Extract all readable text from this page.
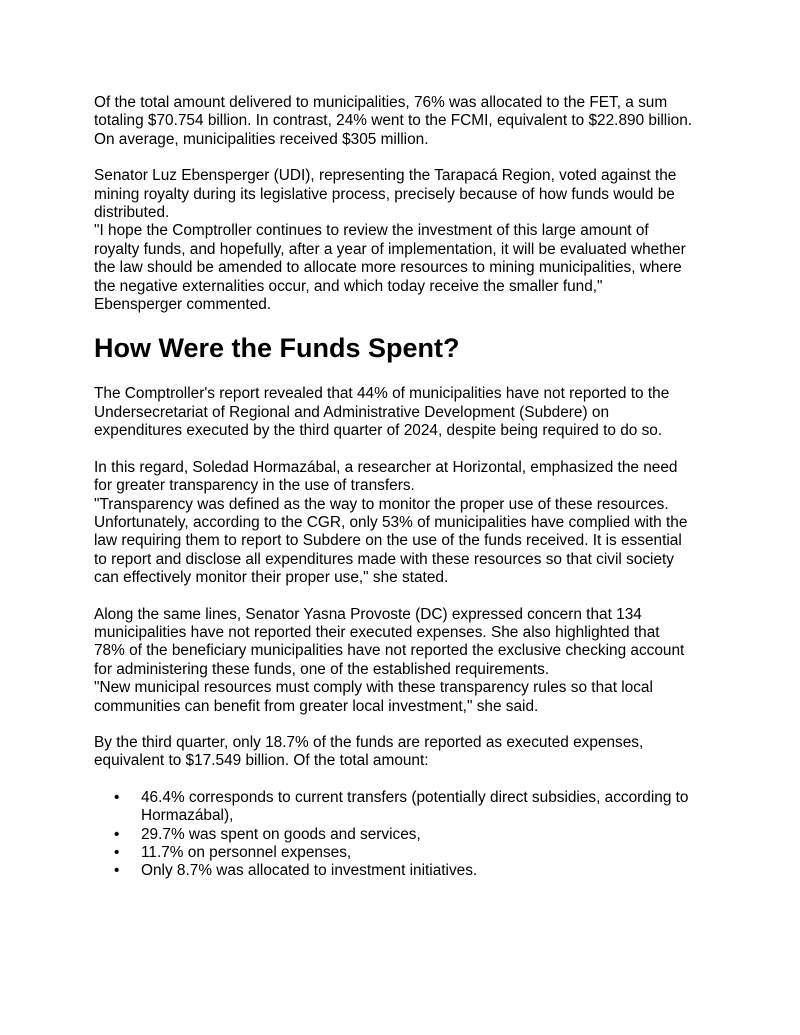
Of the total amount delivered to municipalities, 76% was allocated to the FET, a sum
totaling $70.754 billion. In contrast, 24% went to the FCMI, equivalent to $22.890 billion.
On average, municipalities received $305 million.

Senator Luz Ebensperger (UDI), representing the Tarapacá Region, voted against the
mining royalty during its legislative process, precisely because of how funds would be
distributed.
"I hope the Comptroller continues to review the investment of this large amount of
royalty funds, and hopefully, after a year of implementation, it will be evaluated whether
the law should be amended to allocate more resources to mining municipalities, where
the negative externalities occur, and which today receive the smaller fund,"
Ebensperger commented.

How Were the Funds Spent?

The Comptroller's report revealed that 44% of municipalities have not reported to the
Undersecretariat of Regional and Administrative Development (Subdere) on
expenditures executed by the third quarter of 2024, despite being required to do so.

In this regard, Soledad Hormazábal, a researcher at Horizontal, emphasized the need
for greater transparency in the use of transfers.
"Transparency was defined as the way to monitor the proper use of these resources.
Unfortunately, according to the CGR, only 53% of municipalities have complied with the
law requiring them to report to Subdere on the use of the funds received. It is essential
to report and disclose all expenditures made with these resources so that civil society
can effectively monitor their proper use," she stated.

Along the same lines, Senator Yasna Provoste (DC) expressed concern that 134
municipalities have not reported their executed expenses. She also highlighted that
78% of the beneficiary municipalities have not reported the exclusive checking account
for administering these funds, one of the established requirements.
"New municipal resources must comply with these transparency rules so that local
communities can benefit from greater local investment," she said.

By the third quarter, only 18.7% of the funds are reported as executed expenses,
equivalent to $17.549 billion. Of the total amount:

• 46.4% corresponds to current transfers (potentially direct subsidies, according to
Hormazábal),
• 29.7% was spent on goods and services,
• 11.7% on personnel expenses,
• Only 8.7% was allocated to investment initiatives.
